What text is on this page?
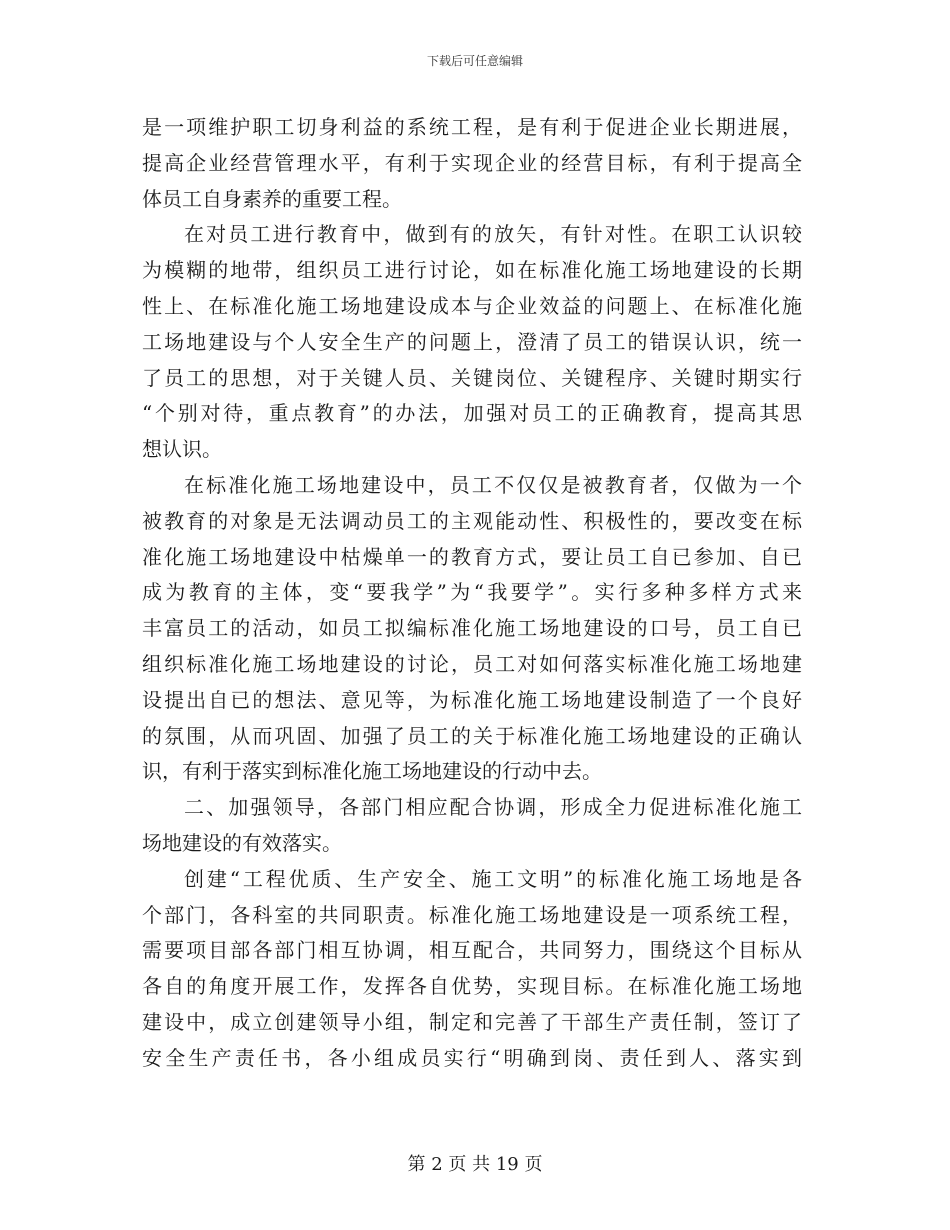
下载后可任意编辑
是一项维护职工切身利益的系统工程，是有利于促进企业长期进展，
提高企业经营管理水平，有利于实现企业的经营目标，有利于提高全
体员工自身素养的重要工程。
在对员工进行教育中，做到有的放矢，有针对性。在职工认识较
为模糊的地带，组织员工进行讨论，如在标准化施工场地建设的长期
性上、在标准化施工场地建设成本与企业效益的问题上、在标准化施
工场地建设与个人安全生产的问题上，澄清了员工的错误认识，统一
了员工的思想，对于关键人员、关键岗位、关键程序、关键时期实行
“个别对待，重点教育”的办法，加强对员工的正确教育，提高其思
想认识。
在标准化施工场地建设中，员工不仅仅是被教育者，仅做为一个
被教育的对象是无法调动员工的主观能动性、积极性的，要改变在标
准化施工场地建设中枯燥单一的教育方式，要让员工自已参加、自已
成为教育的主体，变“要我学”为“我要学”。实行多种多样方式来
丰富员工的活动，如员工拟编标准化施工场地建设的口号，员工自已
组织标准化施工场地建设的讨论，员工对如何落实标准化施工场地建
设提出自已的想法、意见等，为标准化施工场地建设制造了一个良好
的氛围，从而巩固、加强了员工的关于标准化施工场地建设的正确认
识，有利于落实到标准化施工场地建设的行动中去。
二、加强领导，各部门相应配合协调，形成全力促进标准化施工
场地建设的有效落实。
创建“工程优质、生产安全、施工文明”的标准化施工场地是各
个部门，各科室的共同职责。标准化施工场地建设是一项系统工程，
需要项目部各部门相互协调，相互配合，共同努力，围绕这个目标从
各自的角度开展工作，发挥各自优势，实现目标。在标准化施工场地
建设中，成立创建领导小组，制定和完善了干部生产责任制，签订了
安全生产责任书，各小组成员实行“明确到岗、责任到人、落实到
第 2 页 共 19 页
